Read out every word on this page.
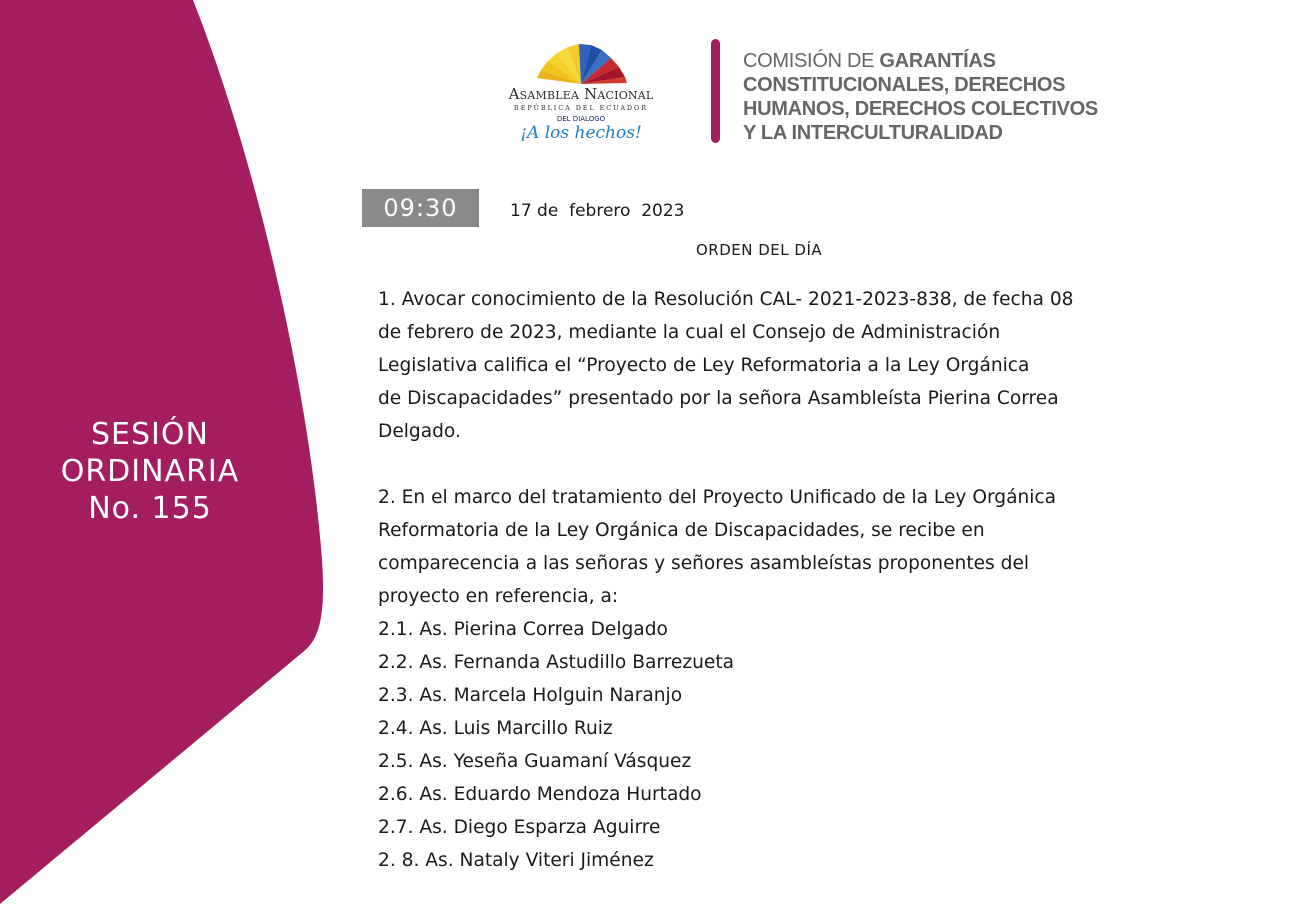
SESIÓN
ORDINARIA
No. 155
Asamblea Nacional
REPÚBLICA DEL ECUADOR
DEL DIÁLOGO
¡A los hechos!
COMISIÓN DE GARANTÍAS
CONSTITUCIONALES, DERECHOS
HUMANOS, DERECHOS COLECTIVOS
Y LA INTERCULTURALIDAD
09:30	17 de  febrero  2023
ORDEN DEL DÍA
1. Avocar conocimiento de la Resolución CAL- 2021-2023-838, de fecha 08
de febrero de 2023, mediante la cual el Consejo de Administración
Legislativa califica el “Proyecto de Ley Reformatoria a la Ley Orgánica
de Discapacidades” presentado por la señora Asambleísta Pierina Correa
Delgado.
2. En el marco del tratamiento del Proyecto Unificado de la Ley Orgánica
Reformatoria de la Ley Orgánica de Discapacidades, se recibe en
comparecencia a las señoras y señores asambleístas proponentes del
proyecto en referencia, a:
2.1. As. Pierina Correa Delgado
2.2. As. Fernanda Astudillo Barrezueta
2.3. As. Marcela Holguin Naranjo
2.4. As. Luis Marcillo Ruiz
2.5. As. Yeseña Guamaní Vásquez
2.6. As. Eduardo Mendoza Hurtado
2.7. As. Diego Esparza Aguirre
2. 8. As. Nataly Viteri Jiménez
